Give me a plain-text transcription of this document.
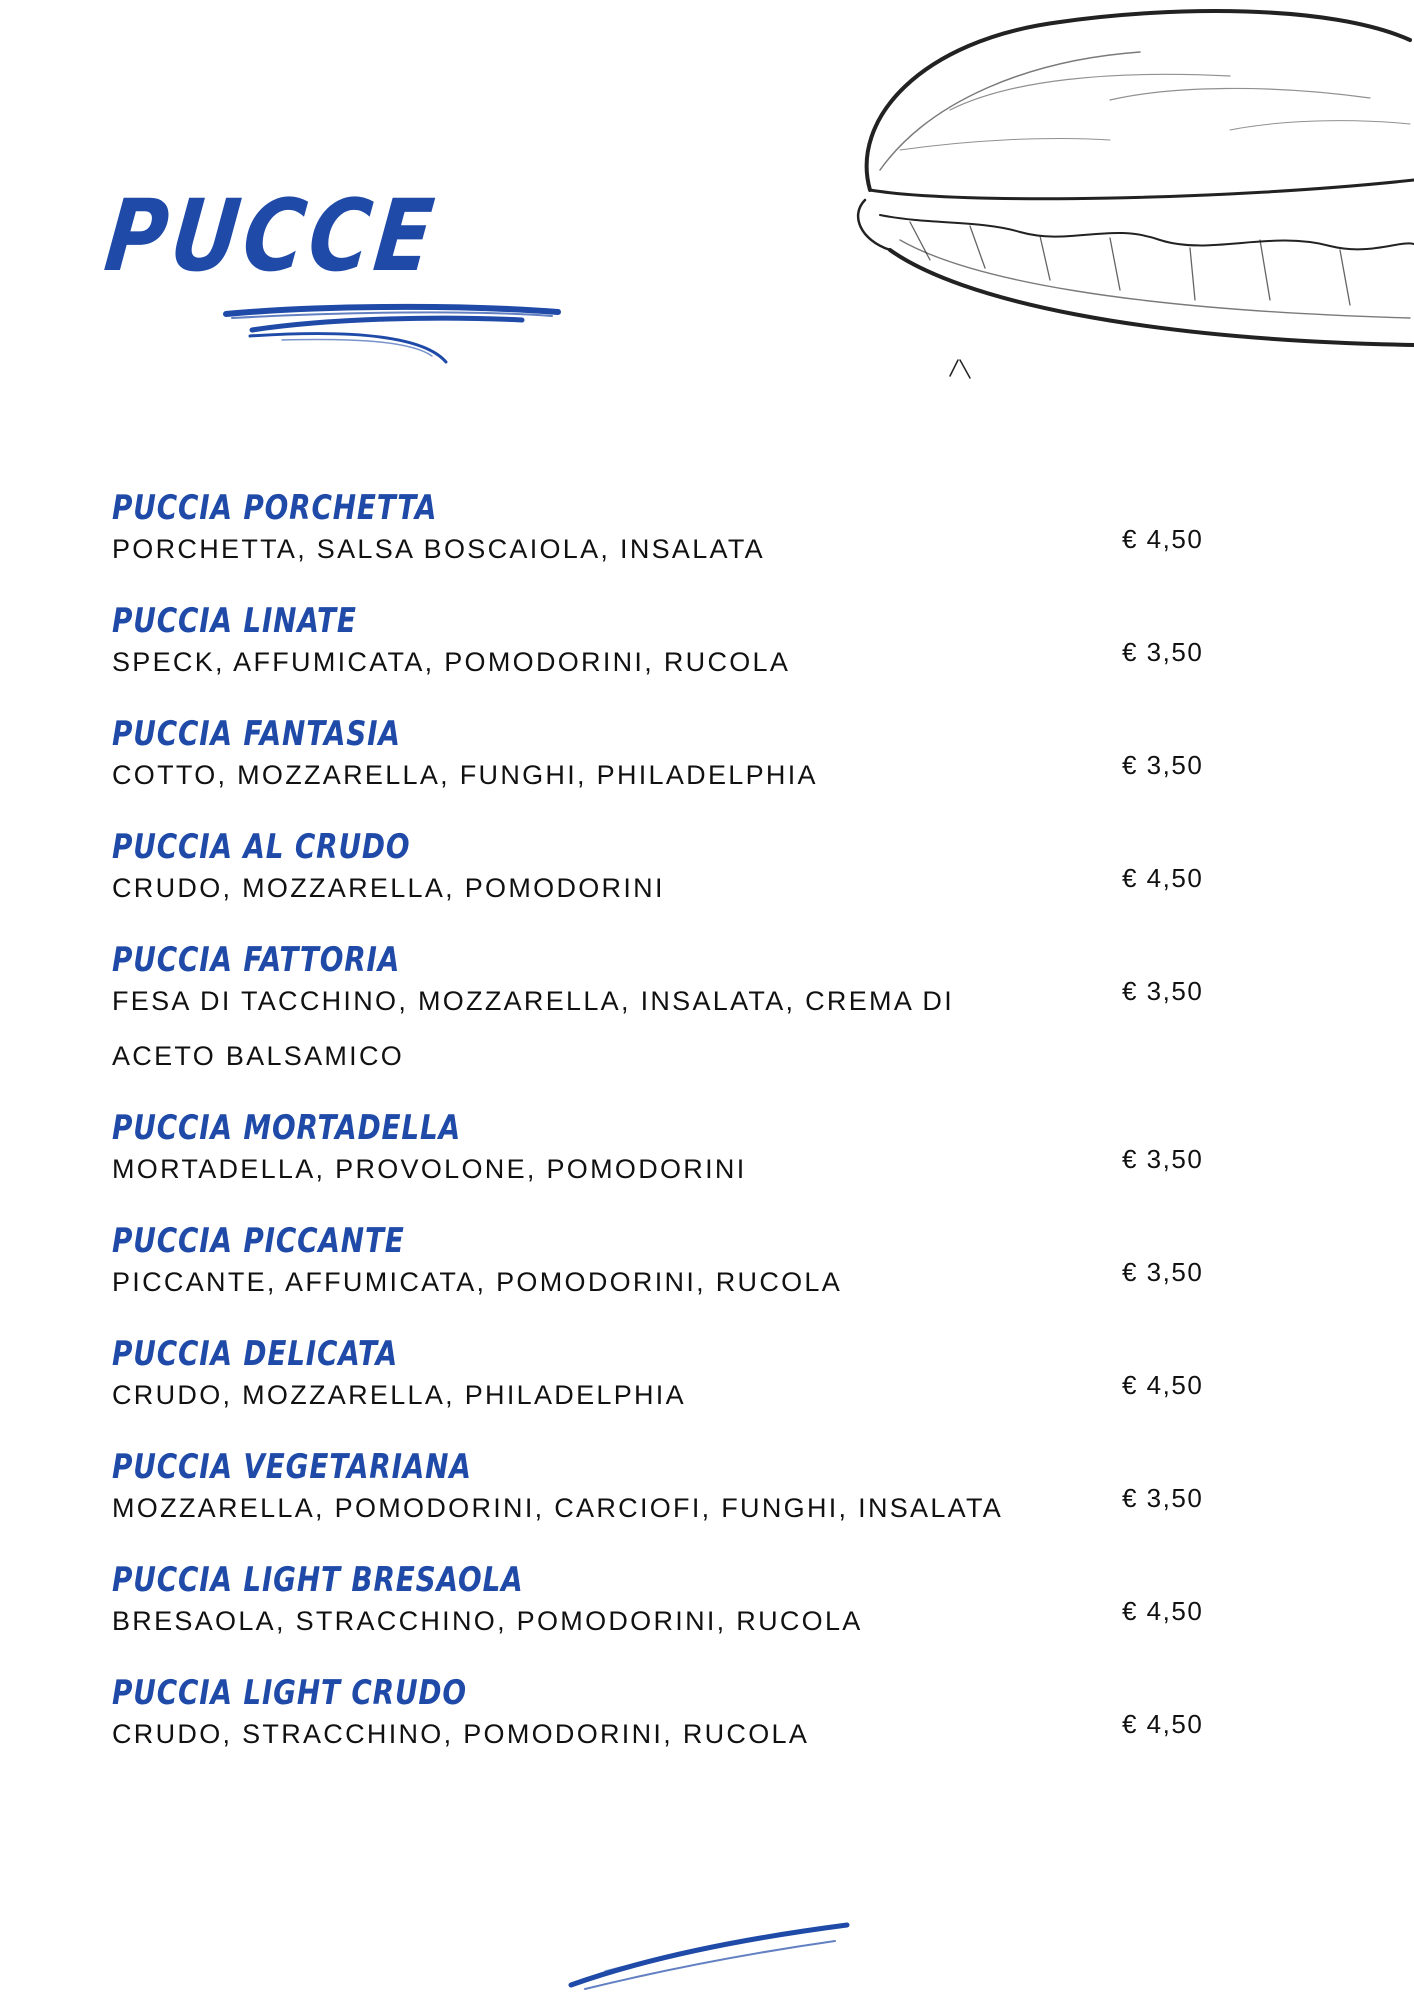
PUCCE
PUCCIA PORCHETTA
PORCHETTA, SALSA BOSCAIOLA, INSALATA	€ 4,50
PUCCIA LINATE
SPECK, AFFUMICATA, POMODORINI, RUCOLA	€ 3,50
PUCCIA FANTASIA
COTTO, MOZZARELLA, FUNGHI, PHILADELPHIA	€ 3,50
PUCCIA AL CRUDO
CRUDO, MOZZARELLA, POMODORINI	€ 4,50
PUCCIA FATTORIA
FESA DI TACCHINO, MOZZARELLA, INSALATA, CREMA DI ACETO BALSAMICO
€ 3,50
PUCCIA MORTADELLA
MORTADELLA, PROVOLONE, POMODORINI	€ 3,50
PUCCIA PICCANTE
PICCANTE, AFFUMICATA, POMODORINI, RUCOLA	€ 3,50
PUCCIA DELICATA
CRUDO, MOZZARELLA, PHILADELPHIA	€ 4,50
PUCCIA VEGETARIANA
MOZZARELLA, POMODORINI, CARCIOFI, FUNGHI, INSALATA	€ 3,50
PUCCIA LIGHT BRESAOLA
BRESAOLA, STRACCHINO, POMODORINI, RUCOLA	€ 4,50
PUCCIA LIGHT CRUDO
CRUDO, STRACCHINO, POMODORINI, RUCOLA	€ 4,50
